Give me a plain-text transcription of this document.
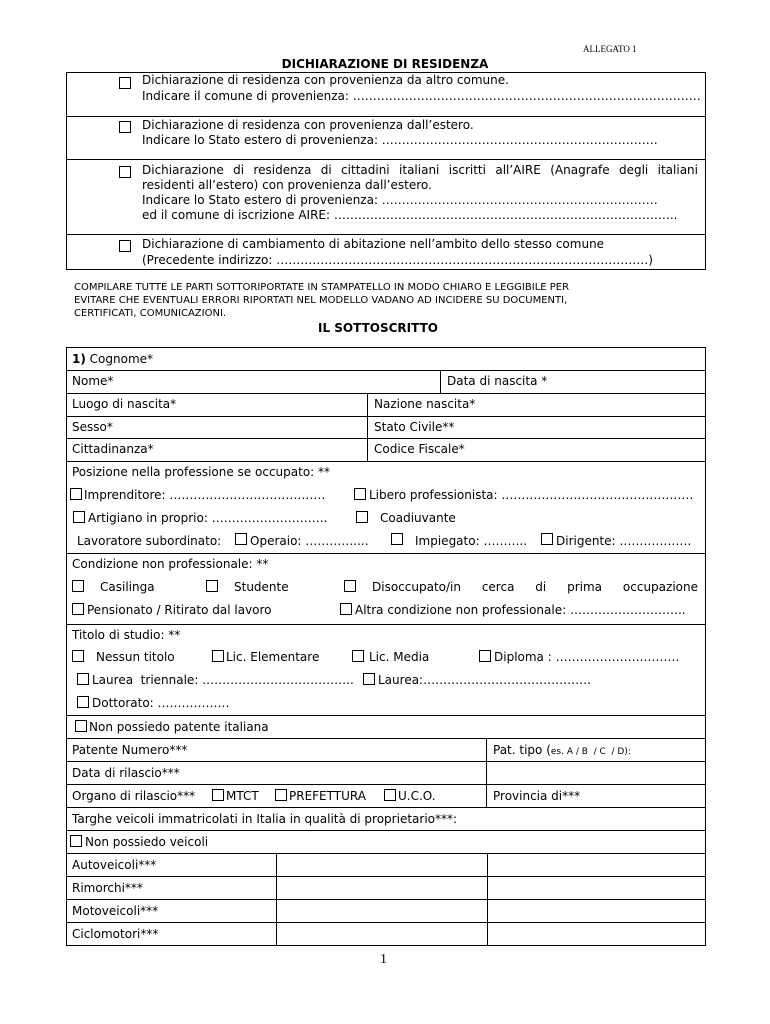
ALLEGATO 1
DICHIARAZIONE DI RESIDENZA
Dichiarazione di residenza con provenienza da altro comune.
Indicare il comune di provenienza: ……………………………………………………………………………
Dichiarazione di residenza con provenienza dall’estero.
Indicare lo Stato estero di provenienza: ……………………………………………………………
Dichiarazione di residenza di cittadini italiani iscritti all’AIRE (Anagrafe degli italiani
residenti all’estero) con provenienza dall’estero.
Indicare lo Stato estero di provenienza: ……………………………………………………………
ed il comune di iscrizione AIRE: …………………………………………………………………………..
Dichiarazione di cambiamento di abitazione nell’ambito dello stesso comune
(Precedente indirizzo: …………………………………………………………………………………)
COMPILARE TUTTE LE PARTI SOTTORIPORTATE IN STAMPATELLO IN MODO CHIARO E LEGGIBILE PER
EVITARE CHE EVENTUALI ERRORI RIPORTATI NEL MODELLO VADANO AD INCIDERE SU DOCUMENTI,
CERTIFICATI, COMUNICAZIONI.
IL SOTTOSCRITTO
1) Cognome*
Nome*	Data di nascita *
Luogo di nascita*	Nazione nascita*
Sesso*	Stato Civile**
Cittadinanza*	Codice Fiscale*
Posizione nella professione se occupato: **
Imprenditore: …………………………………	Libero professionista: …………………………………………
Artigiano in proprio: ………………………..	Coadiuvante
Lavoratore subordinato: Operaio: …………....	Impiegato: ……….. Dirigente: ………………
Condizione non professionale: **
Casilinga	Studente	Disoccupato/in cerca di prima occupazione
Pensionato / Ritirato dal lavoro	Altra condizione non professionale: ………………………..
Titolo di studio: **
Nessun titolo	Lic. Elementare	Lic. Media	Diploma : ………………….………
Laurea  triennale: ……………………………….. Laurea:……………………………………
Dottorato: ………………
Non possiedo patente italiana
Patente Numero***	Pat. tipo (es. A / B  / C  / D):
Data di rilascio***
Organo di rilascio***	MTCT	PREFETTURA	U.C.O.	Provincia di***
Targhe veicoli immatricolati in Italia in qualità di proprietario***:
Non possiedo veicoli
Autoveicoli***
Rimorchi***
Motoveicoli***
Ciclomotori***
1
